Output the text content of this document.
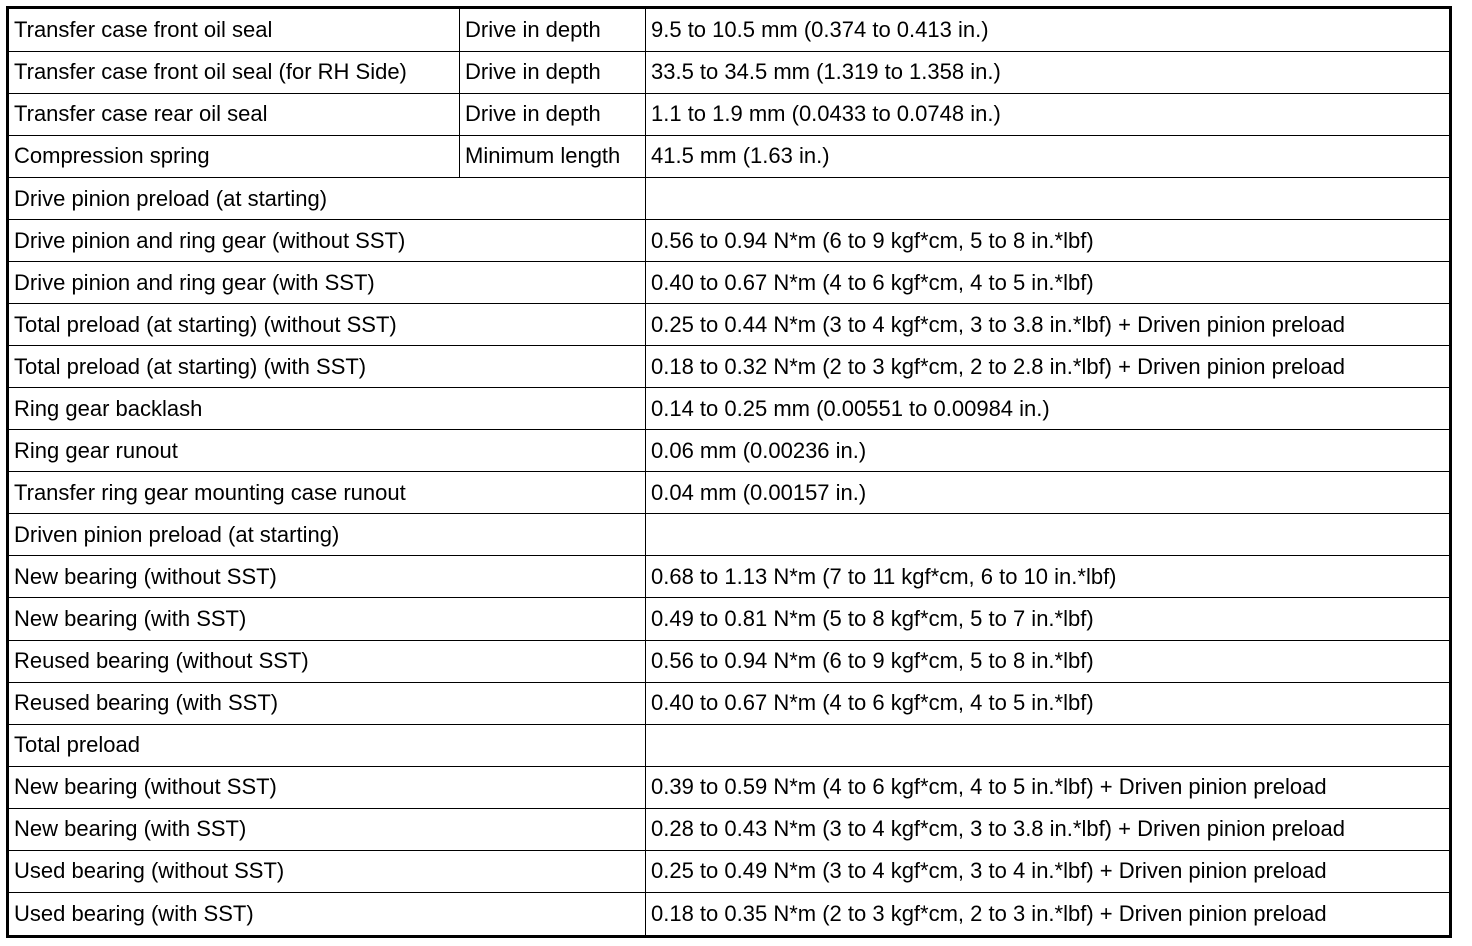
Transfer case front oil seal	Drive in depth	9.5 to 10.5 mm (0.374 to 0.413 in.)
Transfer case front oil seal (for RH Side)	Drive in depth	33.5 to 34.5 mm (1.319 to 1.358 in.)
Transfer case rear oil seal	Drive in depth	1.1 to 1.9 mm (0.0433 to 0.0748 in.)
Compression spring	Minimum length	41.5 mm (1.63 in.)
Drive pinion preload (at starting)		
Drive pinion and ring gear (without SST)		0.56 to 0.94 N*m (6 to 9 kgf*cm, 5 to 8 in.*lbf)
Drive pinion and ring gear (with SST)		0.40 to 0.67 N*m (4 to 6 kgf*cm, 4 to 5 in.*lbf)
Total preload (at starting) (without SST)		0.25 to 0.44 N*m (3 to 4 kgf*cm, 3 to 3.8 in.*lbf) + Driven pinion preload
Total preload (at starting) (with SST)		0.18 to 0.32 N*m (2 to 3 kgf*cm, 2 to 2.8 in.*lbf) + Driven pinion preload
Ring gear backlash		0.14 to 0.25 mm (0.00551 to 0.00984 in.)
Ring gear runout		0.06 mm (0.00236 in.)
Transfer ring gear mounting case runout		0.04 mm (0.00157 in.)
Driven pinion preload (at starting)		
New bearing (without SST)		0.68 to 1.13 N*m (7 to 11 kgf*cm, 6 to 10 in.*lbf)
New bearing (with SST)		0.49 to 0.81 N*m (5 to 8 kgf*cm, 5 to 7 in.*lbf)
Reused bearing (without SST)		0.56 to 0.94 N*m (6 to 9 kgf*cm, 5 to 8 in.*lbf)
Reused bearing (with SST)		0.40 to 0.67 N*m (4 to 6 kgf*cm, 4 to 5 in.*lbf)
Total preload		
New bearing (without SST)		0.39 to 0.59 N*m (4 to 6 kgf*cm, 4 to 5 in.*lbf) + Driven pinion preload
New bearing (with SST)		0.28 to 0.43 N*m (3 to 4 kgf*cm, 3 to 3.8 in.*lbf) + Driven pinion preload
Used bearing (without SST)		0.25 to 0.49 N*m (3 to 4 kgf*cm, 3 to 4 in.*lbf) + Driven pinion preload
Used bearing (with SST)		0.18 to 0.35 N*m (2 to 3 kgf*cm, 2 to 3 in.*lbf) + Driven pinion preload
